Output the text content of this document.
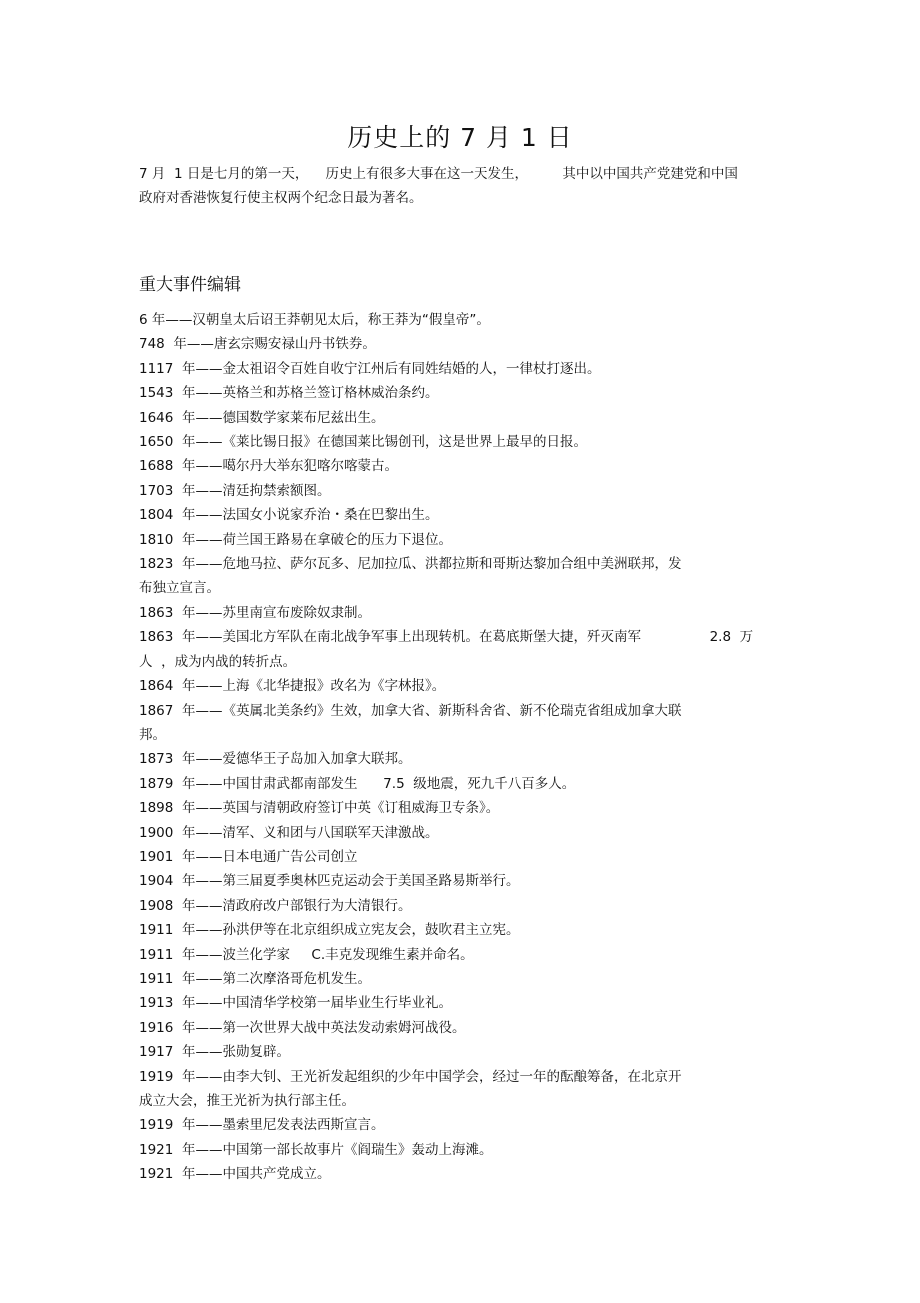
历史上的 7 月 1 日

7 月  1 日是七月的第一天，    历史上有很多大事在这一天发生，        其中以中国共产党建党和中国
政府对香港恢复行使主权两个纪念日最为著名。

重大事件编辑
6 年——汉朝皇太后诏王莽朝见太后，称王莽为“假皇帝”。
748  年——唐玄宗赐安禄山丹书铁券。
1117  年——金太祖诏令百姓自收宁江州后有同姓结婚的人，一律杖打逐出。
1543  年——英格兰和苏格兰签订格林威治条约。
1646  年——德国数学家莱布尼兹出生。
1650  年——《莱比锡日报》在德国莱比锡创刊，这是世界上最早的日报。
1688  年——噶尔丹大举东犯喀尔喀蒙古。
1703  年——清廷拘禁索额图。
1804  年——法国女小说家乔治・桑在巴黎出生。
1810  年——荷兰国王路易在拿破仑的压力下退位。
1823  年——危地马拉、萨尔瓦多、尼加拉瓜、洪都拉斯和哥斯达黎加合组中美洲联邦，发
布独立宣言。
1863  年——苏里南宣布废除奴隶制。
1863  年——美国北方军队在南北战争军事上出现转机。在葛底斯堡大捷，歼灭南军                2.8  万
人  ，成为内战的转折点。
1864  年——上海《北华捷报》改名为《字林报》。
1867  年——《英属北美条约》生效，加拿大省、新斯科舍省、新不伦瑞克省组成加拿大联
邦。
1873  年——爱德华王子岛加入加拿大联邦。
1879  年——中国甘肃武都南部发生      7.5  级地震，死九千八百多人。
1898  年——英国与清朝政府签订中英《订租威海卫专条》。
1900  年——清军、义和团与八国联军天津激战。
1901  年——日本电通广告公司创立
1904  年——第三届夏季奥林匹克运动会于美国圣路易斯举行。
1908  年——清政府改户部银行为大清银行。
1911  年——孙洪伊等在北京组织成立宪友会，鼓吹君主立宪。
1911  年——波兰化学家     C.丰克发现维生素并命名。
1911  年——第二次摩洛哥危机发生。
1913  年——中国清华学校第一届毕业生行毕业礼。
1916  年——第一次世界大战中英法发动索姆河战役。
1917  年——张勋复辟。
1919  年——由李大钊、王光祈发起组织的少年中国学会，经过一年的酝酿筹备，在北京开
成立大会，推王光祈为执行部主任。
1919  年——墨索里尼发表法西斯宣言。
1921  年——中国第一部长故事片《阎瑞生》轰动上海滩。
1921  年——中国共产党成立。
